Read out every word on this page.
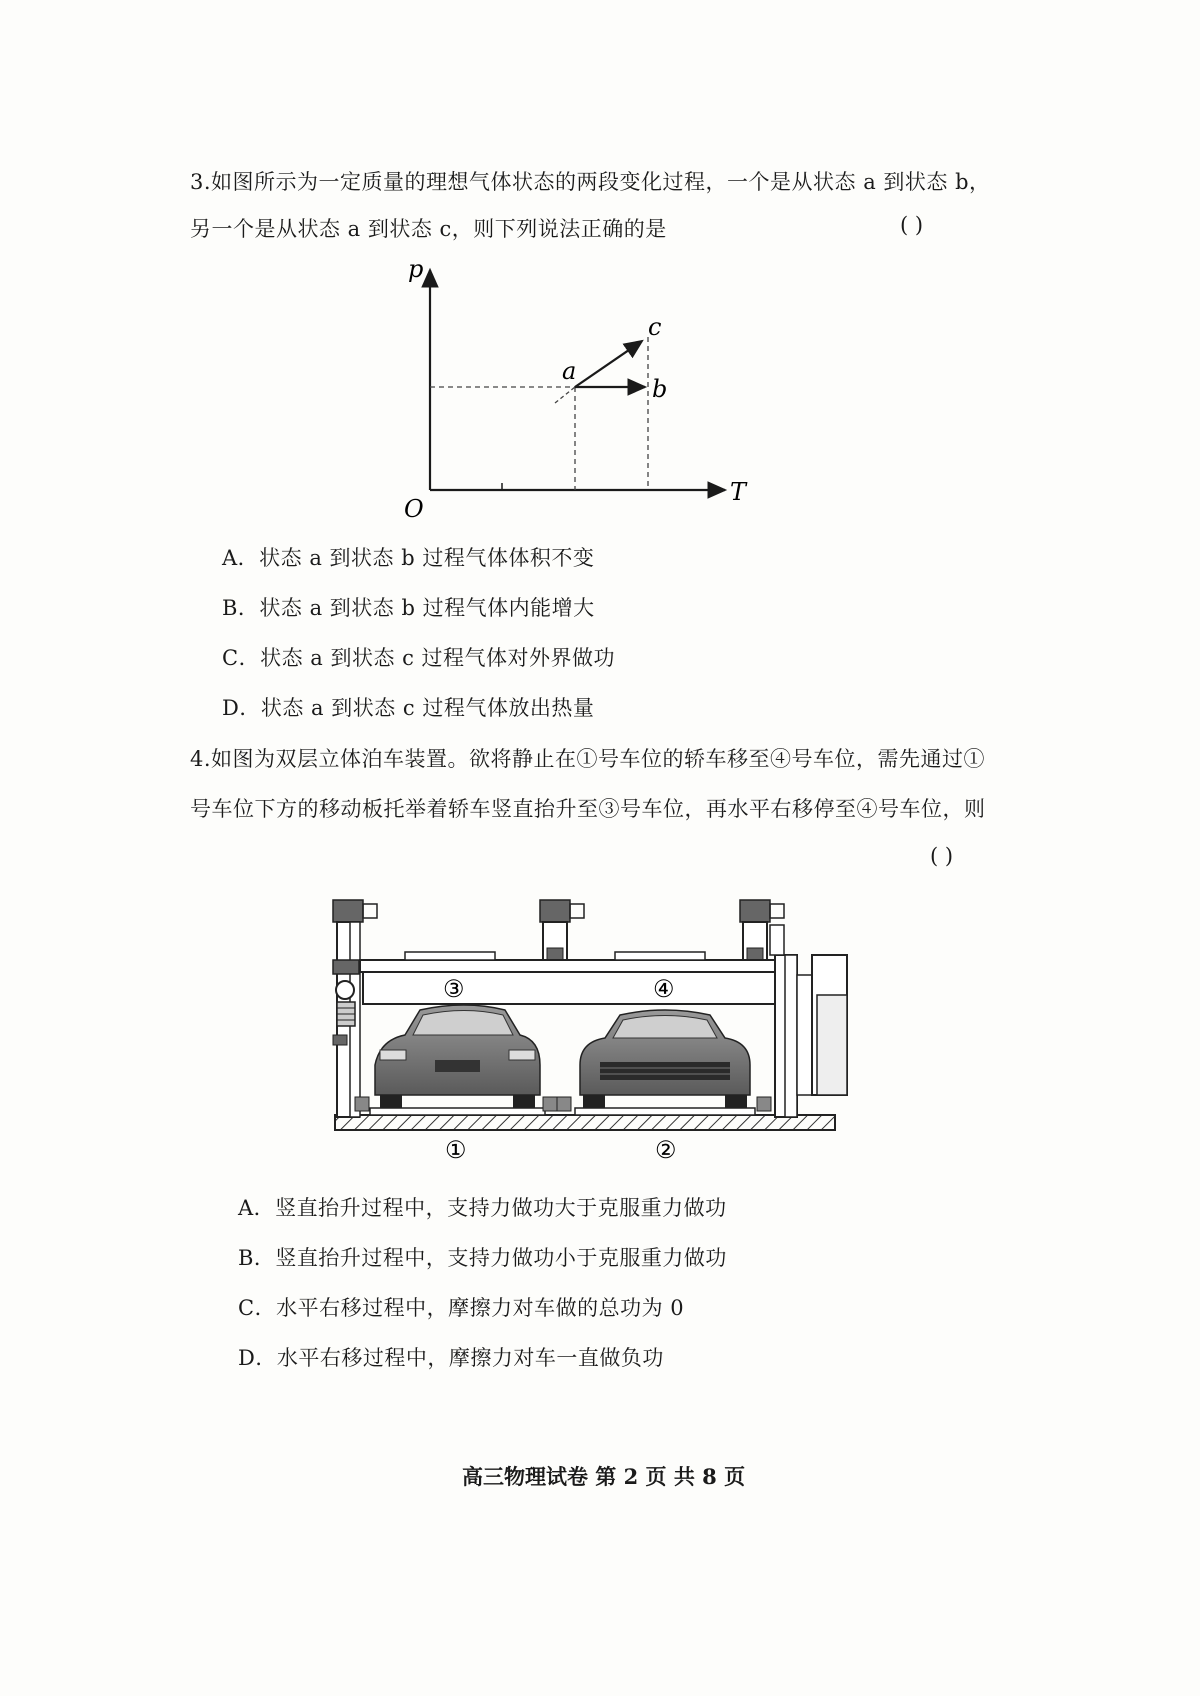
3.如图所示为一定质量的理想气体状态的两段变化过程，一个是从状态 a 到状态 b，
另一个是从状态 a 到状态 c，则下列说法正确的是	( )
p
T
O
a
b
c
A．状态 a 到状态 b 过程气体体积不变
B．状态 a 到状态 b 过程气体内能增大
C．状态 a 到状态 c 过程气体对外界做功
D．状态 a 到状态 c 过程气体放出热量
4.如图为双层立体泊车装置。欲将静止在①号车位的轿车移至④号车位，需先通过①
号车位下方的移动板托举着轿车竖直抬升至③号车位，再水平右移停至④号车位，则
( )
③	④
①	②
A．竖直抬升过程中，支持力做功大于克服重力做功
B．竖直抬升过程中，支持力做功小于克服重力做功
C．水平右移过程中，摩擦力对车做的总功为 0
D．水平右移过程中，摩擦力对车一直做负功
高三物理试卷 第 2 页 共 8 页
